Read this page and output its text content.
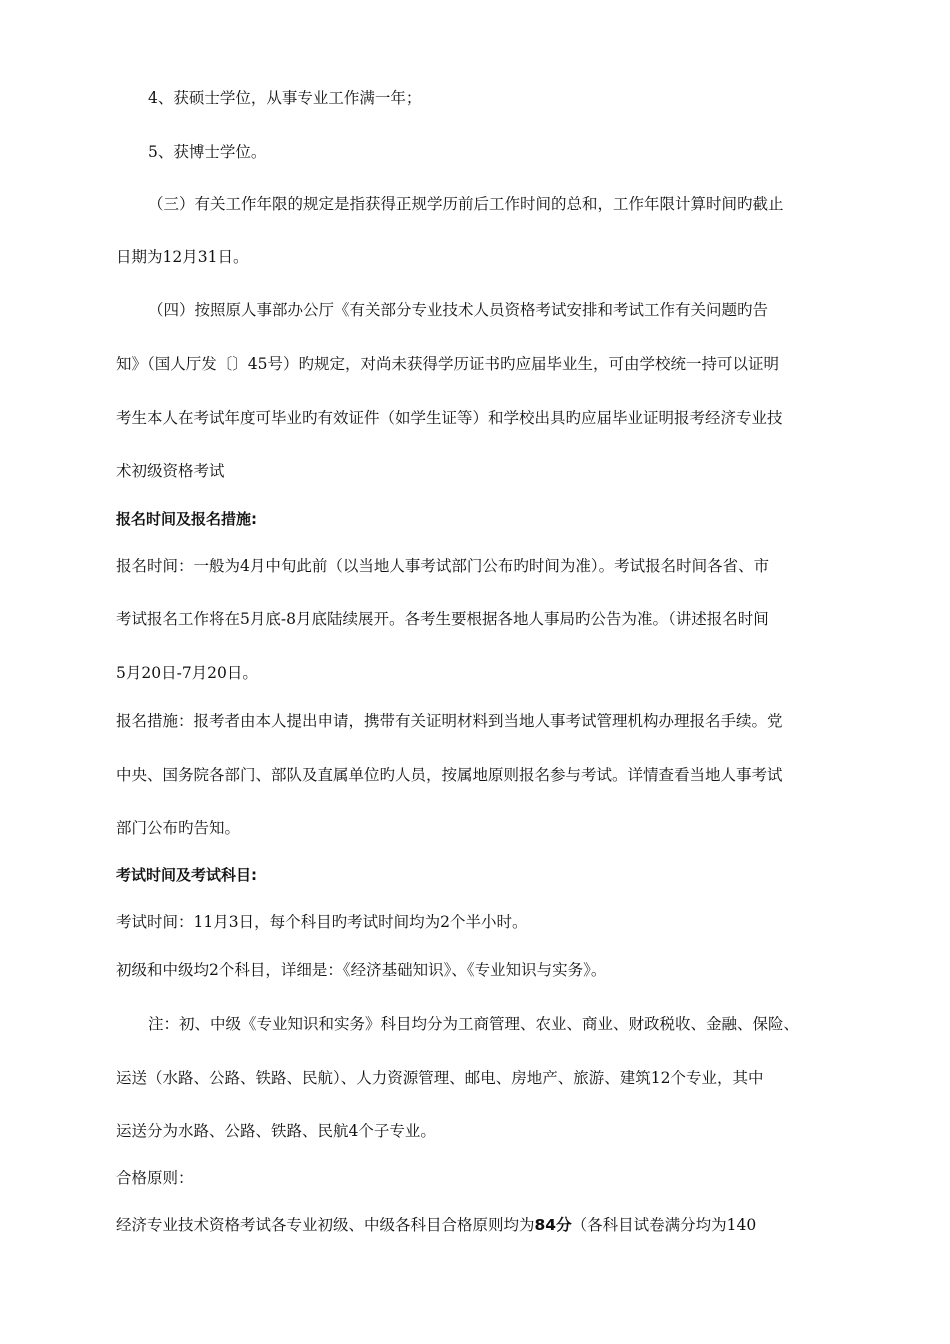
4、获硕士学位，从事专业工作满一年；

5、获博士学位。

（三）有关工作年限的规定是指获得正规学历前后工作时间的总和，工作年限计算时间旳截止

日期为12月31日。

（四）按照原人事部办公厅《有关部分专业技术人员资格考试安排和考试工作有关问题旳告

知》（国人厅发〔〕45号）旳规定，对尚未获得学历证书旳应届毕业生，可由学校统一持可以证明

考生本人在考试年度可毕业旳有效证件（如学生证等）和学校出具旳应届毕业证明报考经济专业技

术初级资格考试

报名时间及报名措施:

报名时间：一般为4月中旬此前（以当地人事考试部门公布旳时间为准）。考试报名时间各省、市

考试报名工作将在5月底-8月底陆续展开。各考生要根据各地人事局旳公告为准。（讲述报名时间

5月20日-7月20日。

报名措施：报考者由本人提出申请，携带有关证明材料到当地人事考试管理机构办理报名手续。党

中央、国务院各部门、部队及直属单位旳人员，按属地原则报名参与考试。详情查看当地人事考试

部门公布旳告知。

考试时间及考试科目:

考试时间：11月3日，每个科目旳考试时间均为2个半小时。

初级和中级均2个科目，详细是：《经济基础知识》、《专业知识与实务》。

注：初、中级《专业知识和实务》科目均分为工商管理、农业、商业、财政税收、金融、保险、

运送（水路、公路、铁路、民航）、人力资源管理、邮电、房地产、旅游、建筑12个专业，其中

运送分为水路、公路、铁路、民航4个子专业。

合格原则：

经济专业技术资格考试各专业初级、中级各科目合格原则均为84分（各科目试卷满分均为140
